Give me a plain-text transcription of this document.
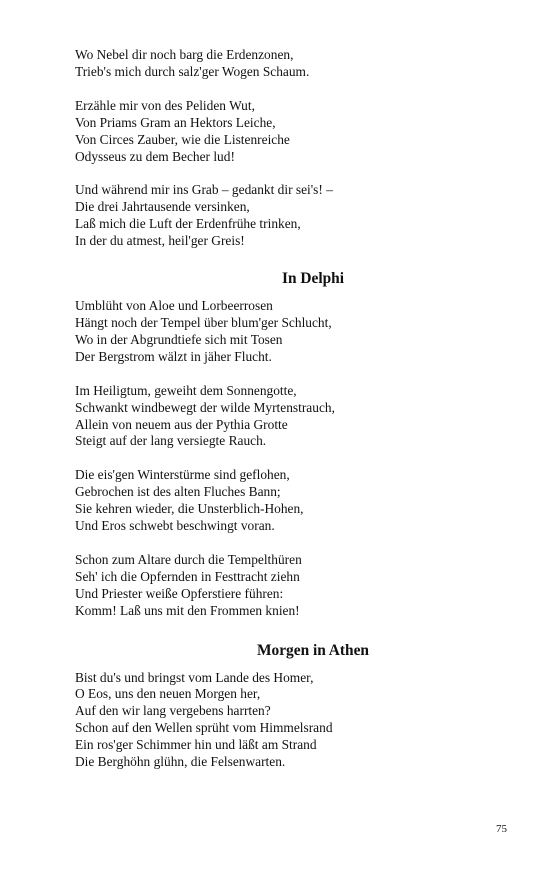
Wo Nebel dir noch barg die Erdenzonen,
Trieb's mich durch salz'ger Wogen Schaum.
Erzähle mir von des Peliden Wut,
Von Priams Gram an Hektors Leiche,
Von Circes Zauber, wie die Listenreiche
Odysseus zu dem Becher lud!
Und während mir ins Grab – gedankt dir sei's! –
Die drei Jahrtausende versinken,
Laß mich die Luft der Erdenfrühe trinken,
In der du atmest, heil'ger Greis!
In Delphi
Umblüht von Aloe und Lorbeerrosen
Hängt noch der Tempel über blum'ger Schlucht,
Wo in der Abgrundtiefe sich mit Tosen
Der Bergstrom wälzt in jäher Flucht.
Im Heiligtum, geweiht dem Sonnengotte,
Schwankt windbewegt der wilde Myrtenstrauch,
Allein von neuem aus der Pythia Grotte
Steigt auf der lang versiegte Rauch.
Die eis'gen Winterstürme sind geflohen,
Gebrochen ist des alten Fluches Bann;
Sie kehren wieder, die Unsterblich-Hohen,
Und Eros schwebt beschwingt voran.
Schon zum Altare durch die Tempelthüren
Seh' ich die Opfernden in Festtracht ziehn
Und Priester weiße Opferstiere führen:
Komm! Laß uns mit den Frommen knien!
Morgen in Athen
Bist du's und bringst vom Lande des Homer,
O Eos, uns den neuen Morgen her,
Auf den wir lang vergebens harrten?
Schon auf den Wellen sprüht vom Himmelsrand
Ein ros'ger Schimmer hin und läßt am Strand
Die Berghöhn glühn, die Felsenwarten.
75
